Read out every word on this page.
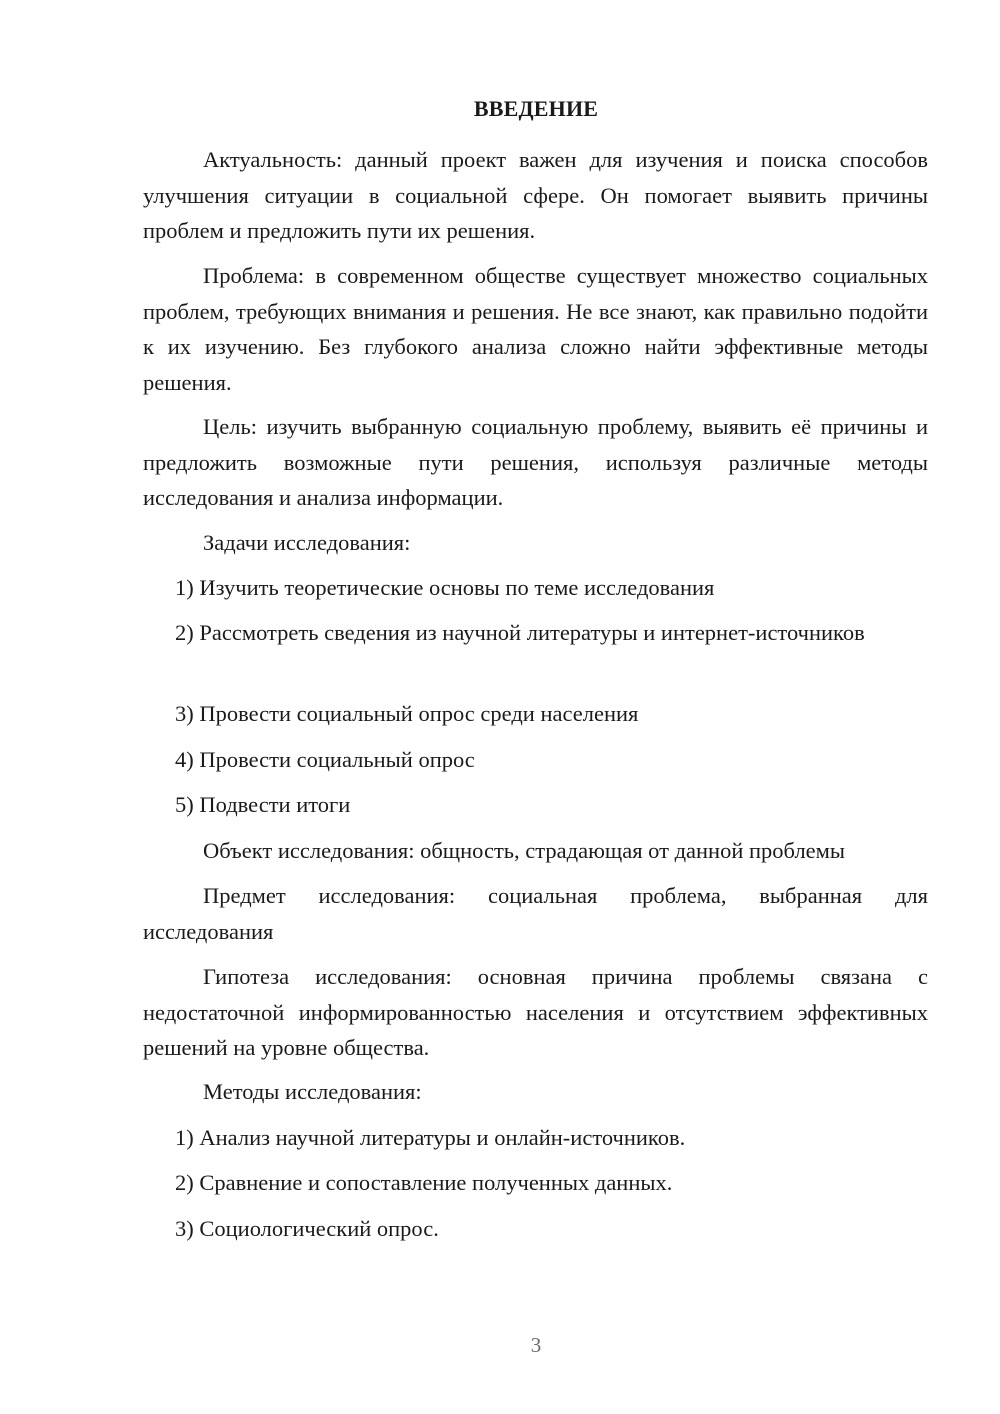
ВВЕДЕНИЕ

Актуальность: данный проект важен для изучения и поиска способов улучшения ситуации в социальной сфере. Он помогает выявить причины проблем и предложить пути их решения.

Проблема: в современном обществе существует множество социальных проблем, требующих внимания и решения. Не все знают, как правильно подойти к их изучению. Без глубокого анализа сложно найти эффективные методы решения.

Цель: изучить выбранную социальную проблему, выявить её причины и предложить возможные пути решения, используя различные методы исследования и анализа информации.

Задачи исследования:

1) Изучить теоретические основы по теме исследования

2) Рассмотреть сведения из научной литературы и интернет-источников

3) Провести социальный опрос среди населения

4) Провести социальный опрос

5) Подвести итоги

Объект исследования: общность, страдающая от данной проблемы

Предмет исследования: социальная проблема, выбранная для исследования

Гипотеза исследования: основная причина проблемы связана с недостаточной информированностью населения и отсутствием эффективных решений на уровне общества.

Методы исследования:

1) Анализ научной литературы и онлайн-источников.

2) Сравнение и сопоставление полученных данных.

3) Социологический опрос.

3
